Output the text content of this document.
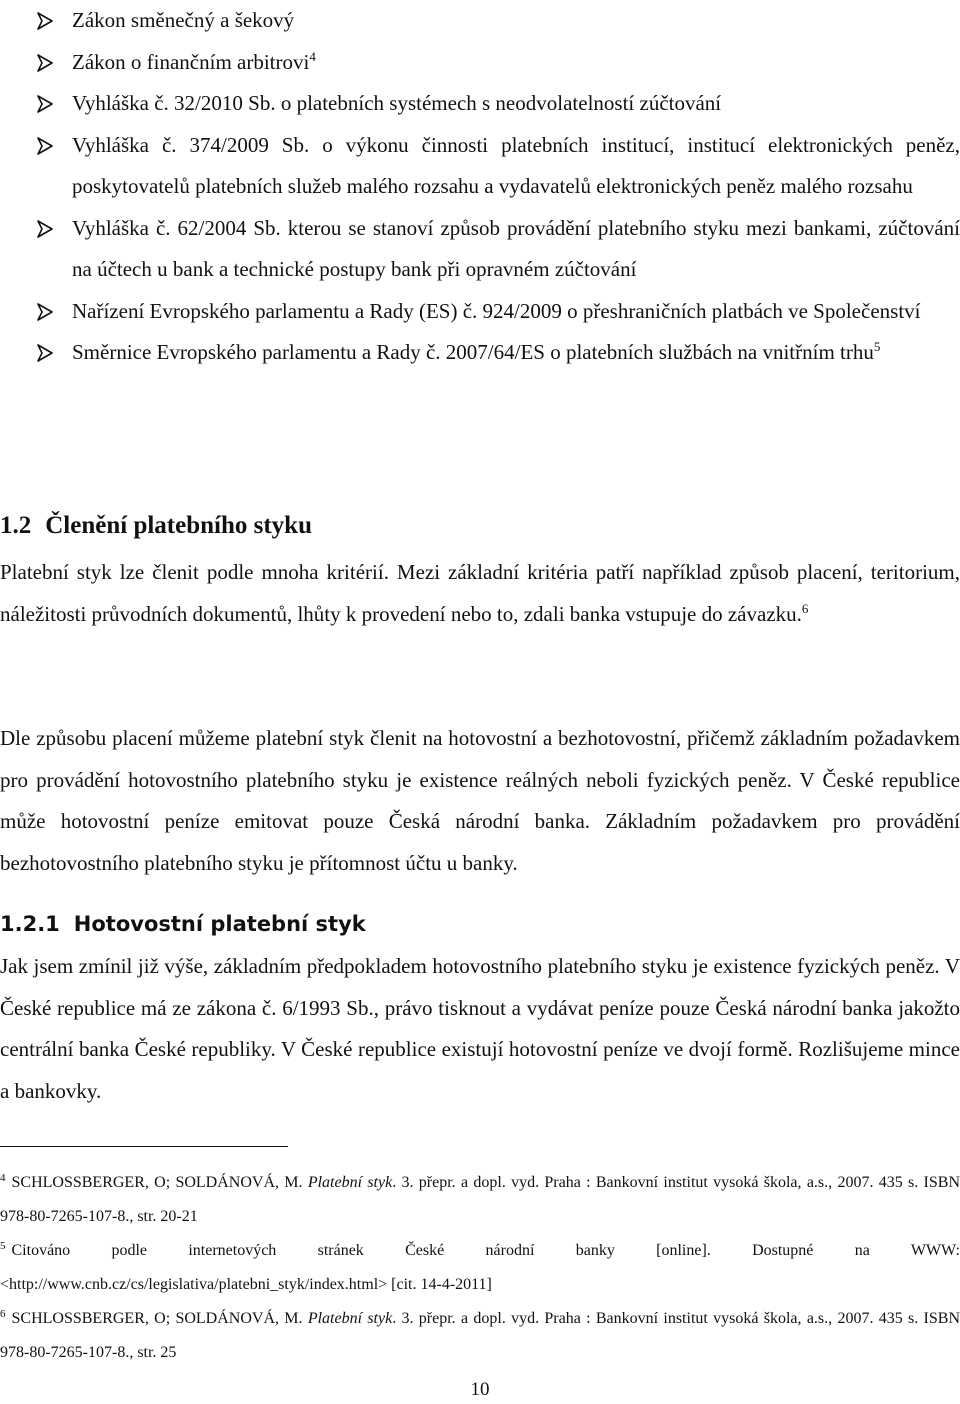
Zákon směnečný a šekový
Zákon o finančním arbitrovi$^4$
Vyhláška č. 32/2010 Sb. o platebních systémech s neodvolatelností zúčtování
Vyhláška č. 374/2009 Sb. o výkonu činnosti platebních institucí, institucí elektronických peněz, poskytovatelů platebních služeb malého rozsahu a vydavatelů elektronických peněz malého rozsahu
Vyhláška č. 62/2004 Sb. kterou se stanoví způsob provádění platebního styku mezi bankami, zúčtování na účtech u bank a technické postupy bank při opravném zúčtování
Nařízení Evropského parlamentu a Rady (ES) č. 924/2009 o přeshraničních platbách ve Společenství
Směrnice Evropského parlamentu a Rady č. 2007/64/ES o platebních službách na vnitřním trhu$^5$
1.2 Členění platebního styku

Platební styk lze členit podle mnoha kritérií. Mezi základní kritéria patří například způsob placení, teritorium, náležitosti průvodních dokumentů, lhůty k provedení nebo to, zdali banka vstupuje do závazku.$^6$

Dle způsobu placení můžeme platební styk členit na hotovostní a bezhotovostní, přičemž základním požadavkem pro provádění hotovostního platebního styku je existence reálných neboli fyzických peněz. V České republice může hotovostní peníze emitovat pouze Česká národní banka. Základním požadavkem pro provádění bezhotovostního platebního styku je přítomnost účtu u banky.

1.2.1 Hotovostní platební styk

Jak jsem zmínil již výše, základním předpokladem hotovostního platebního styku je existence fyzických peněz. V České republice má ze zákona č. 6/1993 Sb., právo tisknout a vydávat peníze pouze Česká národní banka jakožto centrální banka České republiky. V České republice existují hotovostní peníze ve dvojí formě. Rozlišujeme mince a bankovky.

$^4$ SCHLOSSBERGER, O; SOLDÁNOVÁ, M. Platební styk. 3. přepr. a dopl. vyd. Praha : Bankovní institut vysoká škola, a.s., 2007. 435 s. ISBN 978-80-7265-107-8., str. 20-21
$^5$ Citováno podle internetových stránek České národní banky [online]. Dostupné na WWW: <http://www.cnb.cz/cs/legislativa/platebni_styk/index.html> [cit. 14-4-2011]
$^6$ SCHLOSSBERGER, O; SOLDÁNOVÁ, M. Platební styk. 3. přepr. a dopl. vyd. Praha : Bankovní institut vysoká škola, a.s., 2007. 435 s. ISBN 978-80-7265-107-8., str. 25
10
